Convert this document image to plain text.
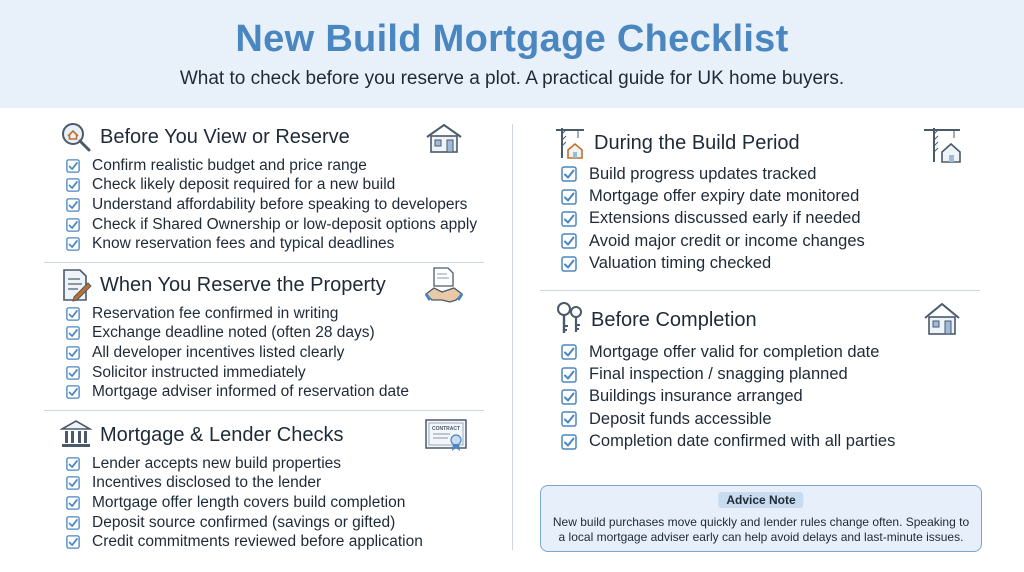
New Build Mortgage Checklist
What to check before you reserve a plot. A practical guide for UK home buyers.
Before You View or Reserve
Confirm realistic budget and price range
Check likely deposit required for a new build
Understand affordability before speaking to developers
Check if Shared Ownership or low-deposit options apply
Know reservation fees and typical deadlines
When You Reserve the Property
Reservation fee confirmed in writing
Exchange deadline noted (often 28 days)
All developer incentives listed clearly
Solicitor instructed immediately
Mortgage adviser informed of reservation date
Mortgage & Lender Checks	CONTRACT
Lender accepts new build properties
Incentives disclosed to the lender
Mortgage offer length covers build completion
Deposit source confirmed (savings or gifted)
Credit commitments reviewed before application
During the Build Period
Build progress updates tracked
Mortgage offer expiry date monitored
Extensions discussed early if needed
Avoid major credit or income changes
Valuation timing checked
Before Completion
Mortgage offer valid for completion date
Final inspection / snagging planned
Buildings insurance arranged
Deposit funds accessible
Completion date confirmed with all parties
Advice Note
New build purchases move quickly and lender rules change often. Speaking to a local mortgage adviser early can help avoid delays and last-minute issues.
